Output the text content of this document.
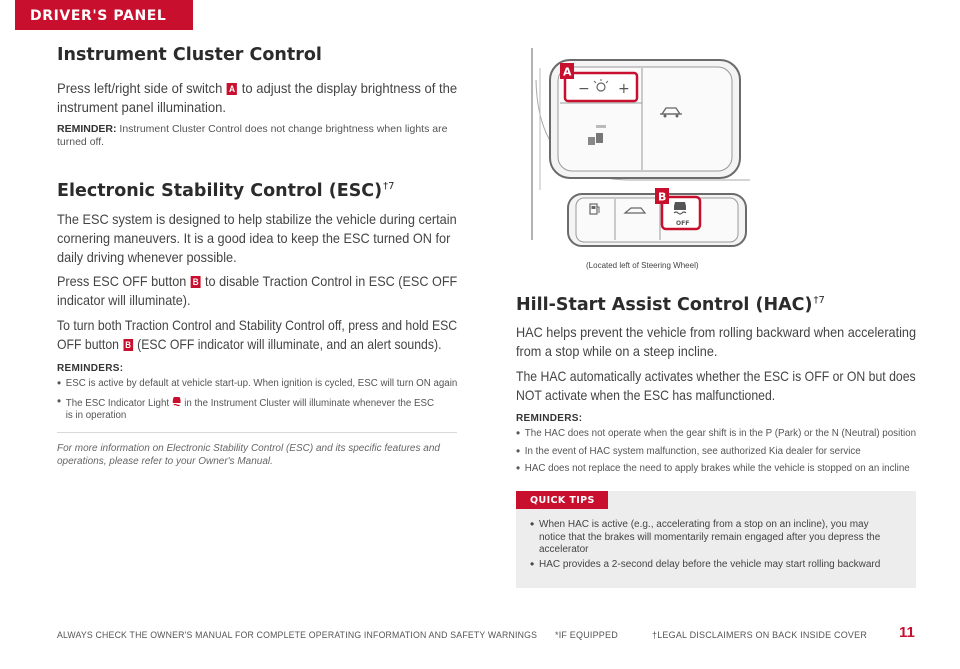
DRIVER'S PANEL
Instrument Cluster Control
Press left/right side of switch A to adjust the display brightness of the
instrument panel illumination.
REMINDER: Instrument Cluster Control does not change brightness when lights are
turned off.
Electronic Stability Control (ESC)$^{\dagger 7}$
The ESC system is designed to help stabilize the vehicle during certain
cornering maneuvers. It is a good idea to keep the ESC turned ON for
daily driving whenever possible.
Press ESC OFF button B to disable Traction Control in ESC (ESC OFF
indicator will illuminate).
To turn both Traction Control and Stability Control off, press and hold ESC
OFF button B (ESC OFF indicator will illuminate, and an alert sounds).
REMINDERS:
• ESC is active by default at vehicle start-up. When ignition is cycled, ESC will turn ON again
• The ESC Indicator Light in the Instrument Cluster will illuminate whenever the ESC
is in operation
For more information on Electronic Stability Control (ESC) and its specific features and
operations, please refer to your Owner's Manual.
− +
OFF
A
B
(Located left of Steering Wheel)
Hill-Start Assist Control (HAC)$^{\dagger 7}$
HAC helps prevent the vehicle from rolling backward when accelerating
from a stop while on a steep incline.
The HAC automatically activates whether the ESC is OFF or ON but does
NOT activate when the ESC has malfunctioned.
REMINDERS:
• The HAC does not operate when the gear shift is in the P (Park) or the N (Neutral) position
• In the event of HAC system malfunction, see authorized Kia dealer for service
• HAC does not replace the need to apply brakes while the vehicle is stopped on an incline
QUICK TIPS
• When HAC is active (e.g., accelerating from a stop on an incline), you may
notice that the brakes will momentarily remain engaged after you depress the
accelerator
• HAC provides a 2-second delay before the vehicle may start rolling backward
ALWAYS CHECK THE OWNER'S MANUAL FOR COMPLETE OPERATING INFORMATION AND SAFETY WARNINGS *IF EQUIPPED	†LEGAL DISCLAIMERS ON BACK INSIDE COVER 11
